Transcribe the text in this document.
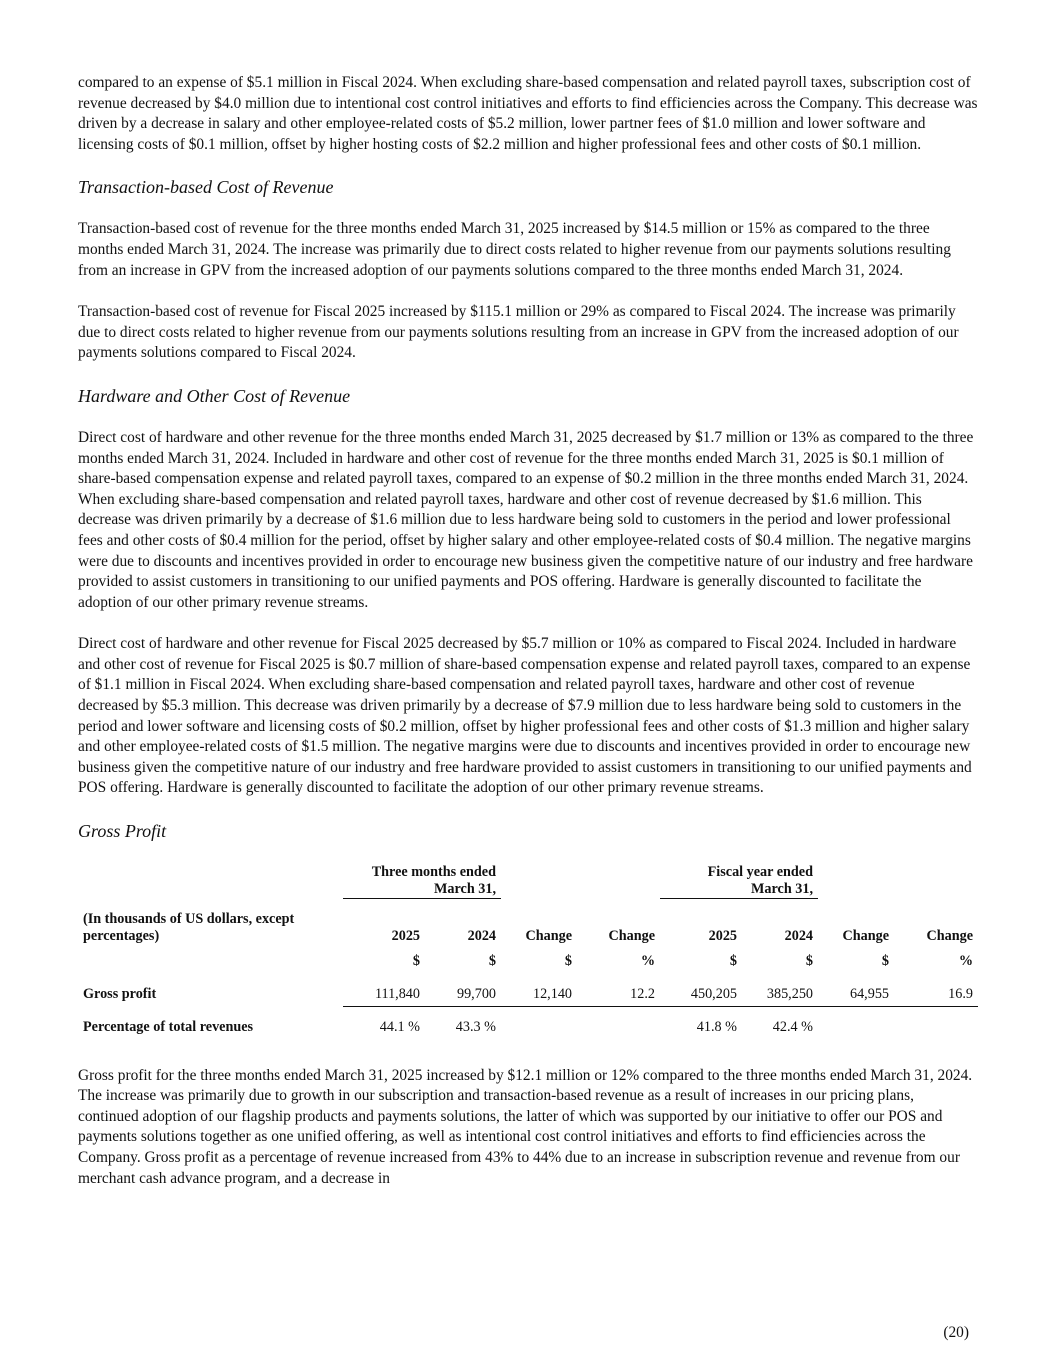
compared to an expense of $5.1 million in Fiscal 2024. When excluding share-based compensation and related payroll taxes, subscription cost of revenue decreased by $4.0 million due to intentional cost control initiatives and efforts to find efficiencies across the Company. This decrease was driven by a decrease in salary and other employee-related costs of $5.2 million, lower partner fees of $1.0 million and lower software and licensing costs of $0.1 million, offset by higher hosting costs of $2.2 million and higher professional fees and other costs of $0.1 million.

Transaction-based Cost of Revenue

Transaction-based cost of revenue for the three months ended March 31, 2025 increased by $14.5 million or 15% as compared to the three months ended March 31, 2024. The increase was primarily due to direct costs related to higher revenue from our payments solutions resulting from an increase in GPV from the increased adoption of our payments solutions compared to the three months ended March 31, 2024.

Transaction-based cost of revenue for Fiscal 2025 increased by $115.1 million or 29% as compared to Fiscal 2024. The increase was primarily due to direct costs related to higher revenue from our payments solutions resulting from an increase in GPV from the increased adoption of our payments solutions compared to Fiscal 2024.

Hardware and Other Cost of Revenue

Direct cost of hardware and other revenue for the three months ended March 31, 2025 decreased by $1.7 million or 13% as compared to the three months ended March 31, 2024. Included in hardware and other cost of revenue for the three months ended March 31, 2025 is $0.1 million of share-based compensation expense and related payroll taxes, compared to an expense of $0.2 million in the three months ended March 31, 2024. When excluding share-based compensation and related payroll taxes, hardware and other cost of revenue decreased by $1.6 million. This decrease was driven primarily by a decrease of $1.6 million due to less hardware being sold to customers in the period and lower professional fees and other costs of $0.4 million for the period, offset by higher salary and other employee-related costs of $0.4 million. The negative margins were due to discounts and incentives provided in order to encourage new business given the competitive nature of our industry and free hardware provided to assist customers in transitioning to our unified payments and POS offering. Hardware is generally discounted to facilitate the adoption of our other primary revenue streams.

Direct cost of hardware and other revenue for Fiscal 2025 decreased by $5.7 million or 10% as compared to Fiscal 2024. Included in hardware and other cost of revenue for Fiscal 2025 is $0.7 million of share-based compensation expense and related payroll taxes, compared to an expense of $1.1 million in Fiscal 2024. When excluding share-based compensation and related payroll taxes, hardware and other cost of revenue decreased by $5.3 million. This decrease was driven primarily by a decrease of $7.9 million due to less hardware being sold to customers in the period and lower software and licensing costs of $0.2 million, offset by higher professional fees and other costs of $1.3 million and higher salary and other employee-related costs of $1.5 million. The negative margins were due to discounts and incentives provided in order to encourage new business given the competitive nature of our industry and free hardware provided to assist customers in transitioning to our unified payments and POS offering. Hardware is generally discounted to facilitate the adoption of our other primary revenue streams.

Gross Profit
	Three months ended
March 31,				Fiscal year ended
March 31,			
(In thousands of US dollars, except percentages)	2025	2024	Change	Change	2025	2024	Change	Change
	$	$	$	%	$	$	$	%
Gross profit	111,840	99,700	12,140	12.2	450,205	385,250	64,955	16.9
Percentage of total revenues	44.1 %	43.3 %			41.8 %	42.4 %		

Gross profit for the three months ended March 31, 2025 increased by $12.1 million or 12% compared to the three months ended March 31, 2024. The increase was primarily due to growth in our subscription and transaction-based revenue as a result of increases in our pricing plans, continued adoption of our flagship products and payments solutions, the latter of which was supported by our initiative to offer our POS and payments solutions together as one unified offering, as well as intentional cost control initiatives and efforts to find efficiencies across the Company. Gross profit as a percentage of revenue increased from 43% to 44% due to an increase in subscription revenue and revenue from our merchant cash advance program, and a decrease in

(20)
